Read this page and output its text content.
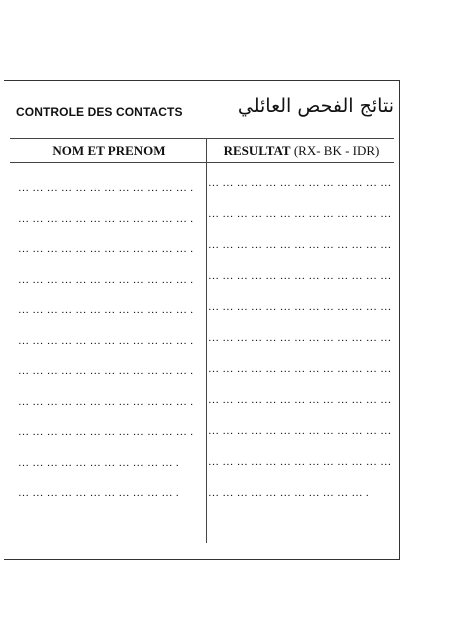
CONTROLE DES CONTACTS	نتائج الفحص العائلي
NOM ET PRENOM	RESULTAT (RX- BK - IDR)
… … … … … … … … … … … … .
… … … … … … … … … … … … .
… … … … … … … … … … … … .
… … … … … … … … … … … … .
… … … … … … … … … … … … .
… … … … … … … … … … … … .
… … … … … … … … … … … … .
… … … … … … … … … … … … .
… … … … … … … … … … … … .
… … … … … … … … … … … .
… … … … … … … … … … … .
… … … … … … … … … … … … …
… … … … … … … … … … … … …
… … … … … … … … … … … … …
… … … … … … … … … … … … …
… … … … … … … … … … … … …
… … … … … … … … … … … … …
… … … … … … … … … … … … …
… … … … … … … … … … … … …
… … … … … … … … … … … … …
… … … … … … … … … … … … …
… … … … … … … … … … … .
